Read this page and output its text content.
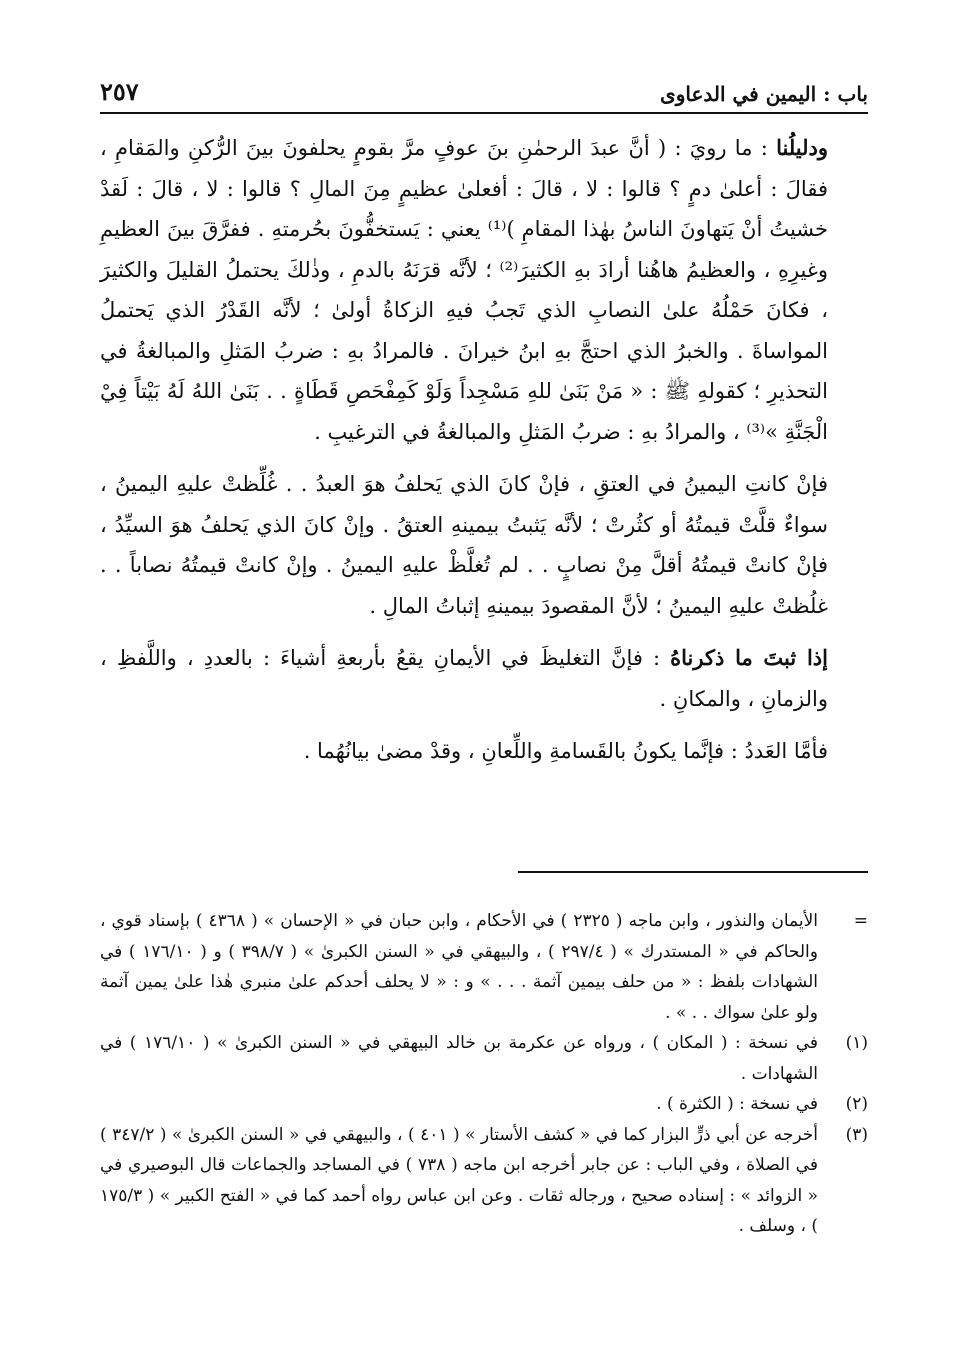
باب : اليمين في الدعاوى
٢٥٧

ودليلُنا : ما رويَ : ( أنَّ عبدَ الرحمٰنِ بنَ عوفٍ مرَّ بقومٍ يحلفونَ بينَ الرُّكنِ والمَقامِ ، فقالَ : أعلىٰ دمٍ ؟ قالوا : لا ، قالَ : أفعلىٰ عظيمٍ مِنَ المالِ ؟ قالوا : لا ، قالَ : لَقدْ خشيتُ أنْ يَتهاونَ الناسُ بهٰذا المقامِ )⁽¹⁾ يعني : يَستخفُّونَ بحُرمتهِ . ففرَّقَ بينَ العظيمِ وغيرِهِ ، والعظيمُ هاهُنا أرادَ بهِ الكثيرَ⁽²⁾ ؛ لأنَّه قرَنَهُ بالدمِ ، وذٰلكَ يحتملُ القليلَ والكثيرَ ، فكانَ حَمْلُهُ علىٰ النصابِ الذي تَجبُ فيهِ الزكاةُ أولىٰ ؛ لأنَّه القَدْرُ الذي يَحتملُ المواساةَ . والخبرُ الذي احتجَّ بهِ ابنُ خيرانَ . فالمرادُ بهِ : ضربُ المَثلِ والمبالغةُ في التحذيرِ ؛ كقولهِ ﷺ : « مَنْ بَنَىٰ للهِ مَسْجِداً وَلَوْ كَمِفْحَصِ قَطَاةٍ . . بَنَىٰ اللهُ لَهُ بَيْتاً فِيْ الْجَنَّةِ »⁽³⁾ ، والمرادُ بهِ : ضربُ المَثلِ والمبالغةُ في الترغيبِ .

فإنْ كانتِ اليمينُ في العتقِ ، فإنْ كانَ الذي يَحلفُ هوَ العبدُ . . غُلِّظتْ عليهِ اليمينُ ، سواءٌ قلَّتْ قيمتُهُ أو كثُرتْ ؛ لأنَّه يَثبتُ بيمينهِ العتقُ . وإنْ كانَ الذي يَحلفُ هوَ السيِّدُ ، فإنْ كانتْ قيمتُهُ أقلَّ مِنْ نصابٍ . . لم تُغلَّظْ عليهِ اليمينُ . وإنْ كانتْ قيمتُهُ نصاباً . . غلُظتْ عليهِ اليمينُ ؛ لأنَّ المقصودَ بيمينهِ إثباتُ المالِ .

إذا ثبتَ ما ذكرناهُ : فإنَّ التغليظَ في الأيمانِ يقعُ بأربعةِ أشياءَ : بالعددِ ، واللَّفظِ ، والزمانِ ، والمكانِ .

فأمَّا العَددُ : فإنَّما يكونُ بالقَسامةِ واللِّعانِ ، وقدْ مضىٰ بيانُهُما .

=
الأيمان والنذور ، وابن ماجه ( ٢٣٢٥ ) في الأحكام ، وابن حبان في « الإحسان » ( ٤٣٦٨ ) بإسناد قوي ، والحاكم في « المستدرك » ( ٢٩٧/٤ ) ، والبيهقي في « السنن الكبرىٰ » ( ٣٩٨/٧ ) و ( ١٧٦/١٠ ) في الشهادات بلفظ : « من حلف بيمين آثمة . . . » و : « لا يحلف أحدكم علىٰ منبري هٰذا علىٰ يمين آثمة ولو علىٰ سواك . . » .
(١)
في نسخة : ( المكان ) ، ورواه عن عكرمة بن خالد البيهقي في « السنن الكبرىٰ » ( ١٧٦/١٠ ) في الشهادات .
(٢)
في نسخة : ( الكثرة ) .
(٣)
أخرجه عن أبي ذرٍّ البزار كما في « كشف الأستار » ( ٤٠١ ) ، والبيهقي في « السنن الكبرىٰ » ( ٣٤٧/٢ ) في الصلاة ، وفي الباب : عن جابر أخرجه ابن ماجه ( ٧٣٨ ) في المساجد والجماعات قال البوصيري في « الزوائد » : إسناده صحيح ، ورجاله ثقات . وعن ابن عباس رواه أحمد كما في « الفتح الكبير » ( ١٧٥/٣ ) ، وسلف .
